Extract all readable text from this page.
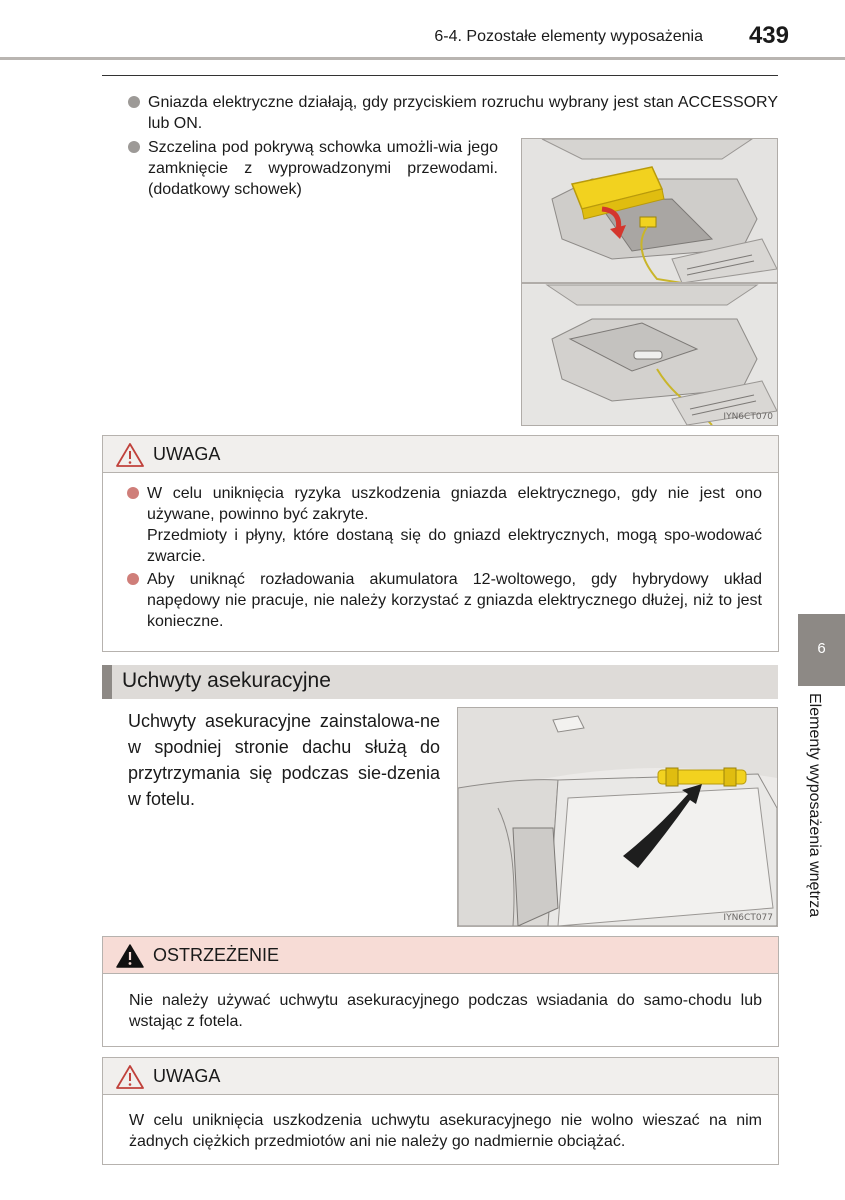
6-4. Pozostałe elementy wyposażenia 439
Gniazda elektryczne działają, gdy przyciskiem rozruchu wybrany jest stan ACCESSORY lub ON.
Szczelina pod pokrywą schowka umożli-wia jego zamknięcie z wyprowadzonymi przewodami. (dodatkowy schowek)
IYN6CT070
UWAGA
W celu uniknięcia ryzyka uszkodzenia gniazda elektrycznego, gdy nie jest ono używane, powinno być zakryte.
Przedmioty i płyny, które dostaną się do gniazd elektrycznych, mogą spo-wodować zwarcie.
Aby uniknąć rozładowania akumulatora 12-woltowego, gdy hybrydowy układ napędowy nie pracuje, nie należy korzystać z gniazda elektrycznego dłużej, niż to jest konieczne.
Uchwyty asekuracyjne
Uchwyty asekuracyjne zainstalowa-ne w spodniej stronie dachu służą do przytrzymania się podczas sie-dzenia w fotelu.
IYN6CT077
OSTRZEŻENIE

Nie należy używać uchwytu asekuracyjnego podczas wsiadania do samo-chodu lub wstając z fotela.

UWAGA

W celu uniknięcia uszkodzenia uchwytu asekuracyjnego nie wolno wieszać na nim żadnych ciężkich przedmiotów ani nie należy go nadmiernie obciążać.

6
Elementy wyposażenia wnętrza
